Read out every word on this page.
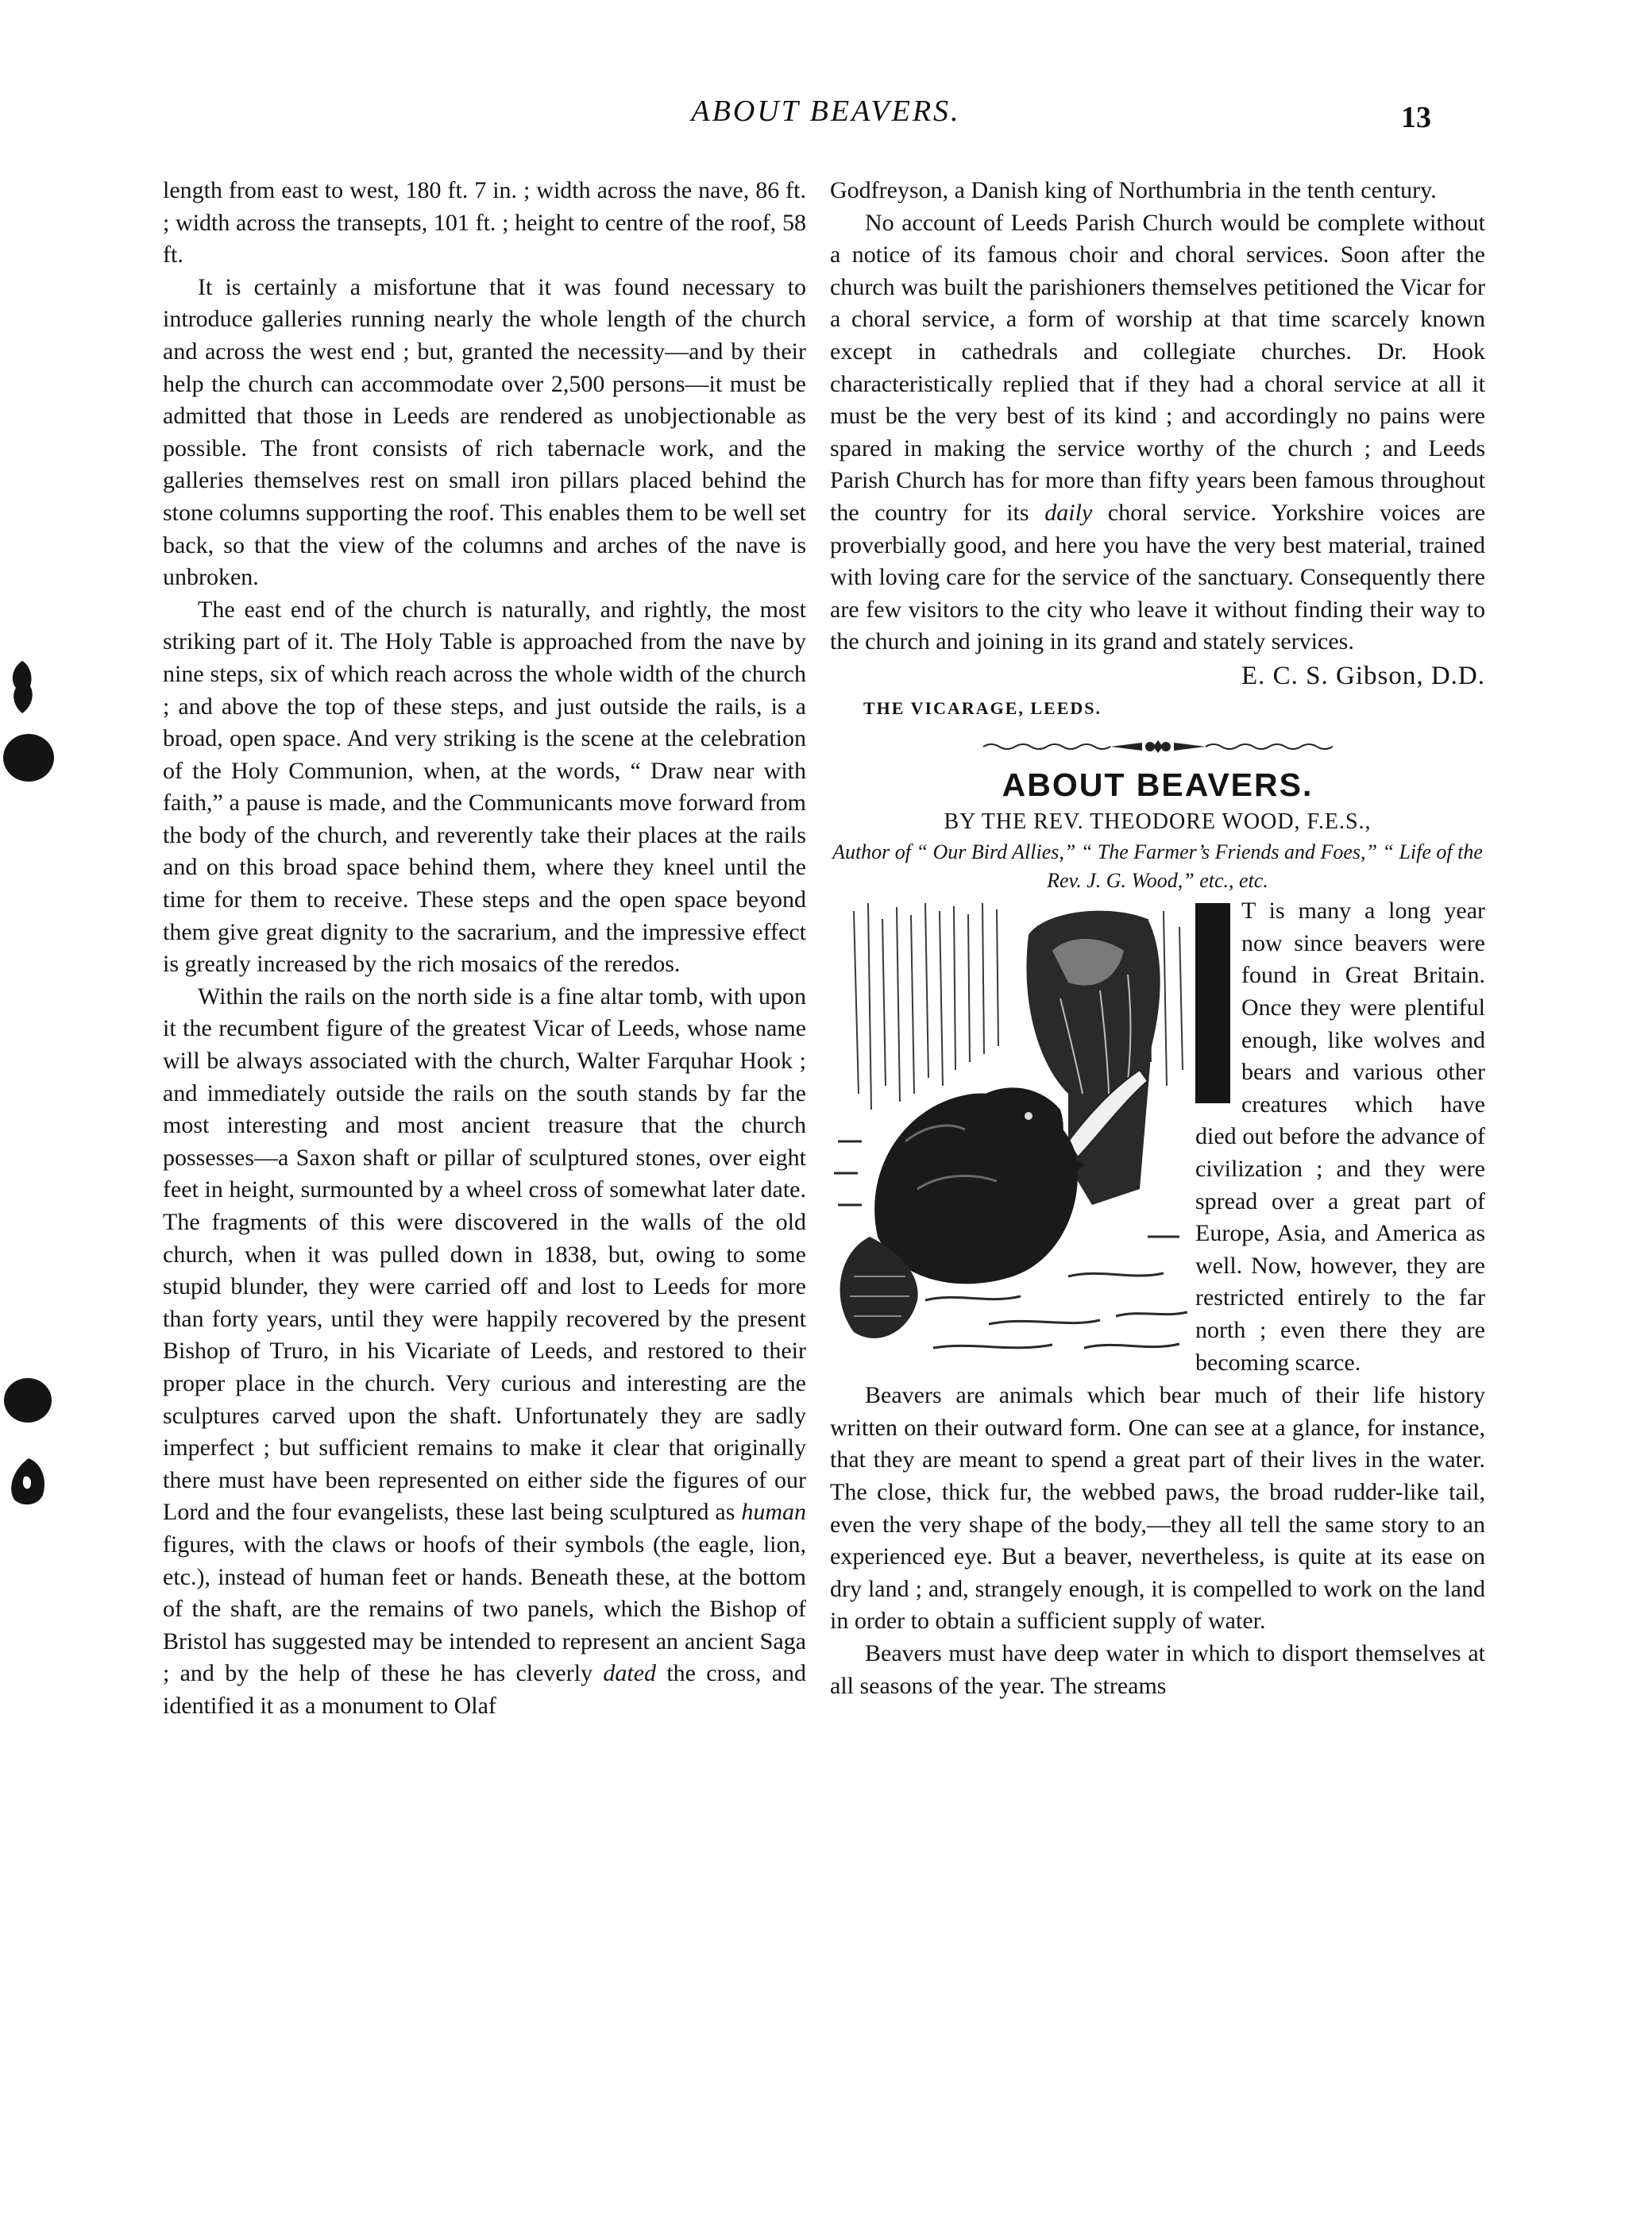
ABOUT BEAVERS.	13

length from east to west, 180 ft. 7 in. ; width across the nave, 86 ft. ; width across the transepts, 101 ft. ; height to centre of the roof, 58 ft.

It is certainly a misfortune that it was found necessary to introduce galleries running nearly the whole length of the church and across the west end ; but, granted the necessity—and by their help the church can accommodate over 2,500 persons—it must be admitted that those in Leeds are rendered as unobjectionable as possible. The front consists of rich tabernacle work, and the galleries themselves rest on small iron pillars placed behind the stone columns supporting the roof. This enables them to be well set back, so that the view of the columns and arches of the nave is unbroken.

The east end of the church is naturally, and rightly, the most striking part of it. The Holy Table is approached from the nave by nine steps, six of which reach across the whole width of the church ; and above the top of these steps, and just outside the rails, is a broad, open space. And very striking is the scene at the celebration of the Holy Communion, when, at the words, “ Draw near with faith,” a pause is made, and the Communicants move forward from the body of the church, and reverently take their places at the rails and on this broad space behind them, where they kneel until the time for them to receive. These steps and the open space beyond them give great dignity to the sacrarium, and the impressive effect is greatly increased by the rich mosaics of the reredos.

Within the rails on the north side is a fine altar tomb, with upon it the recumbent figure of the greatest Vicar of Leeds, whose name will be always associated with the church, Walter Farquhar Hook ; and immediately outside the rails on the south stands by far the most interesting and most ancient treasure that the church possesses—a Saxon shaft or pillar of sculptured stones, over eight feet in height, surmounted by a wheel cross of somewhat later date. The fragments of this were discovered in the walls of the old church, when it was pulled down in 1838, but, owing to some stupid blunder, they were carried off and lost to Leeds for more than forty years, until they were happily recovered by the present Bishop of Truro, in his Vicariate of Leeds, and restored to their proper place in the church. Very curious and interesting are the sculptures carved upon the shaft. Unfortunately they are sadly imperfect ; but sufficient remains to make it clear that originally there must have been represented on either side the figures of our Lord and the four evangelists, these last being sculptured as human figures, with the claws or hoofs of their symbols (the eagle, lion, etc.), instead of human feet or hands. Beneath these, at the bottom of the shaft, are the remains of two panels, which the Bishop of Bristol has suggested may be intended to represent an ancient Saga ; and by the help of these he has cleverly dated the cross, and identified it as a monument to Olaf

Godfreyson, a Danish king of Northumbria in the tenth century.

No account of Leeds Parish Church would be complete without a notice of its famous choir and choral services. Soon after the church was built the parishioners themselves petitioned the Vicar for a choral service, a form of worship at that time scarcely known except in cathedrals and collegiate churches. Dr. Hook characteristically replied that if they had a choral service at all it must be the very best of its kind ; and accordingly no pains were spared in making the service worthy of the church ; and Leeds Parish Church has for more than fifty years been famous throughout the country for its daily choral service. Yorkshire voices are proverbially good, and here you have the very best material, trained with loving care for the service of the sanctuary. Consequently there are few visitors to the city who leave it without finding their way to the church and joining in its grand and stately services.

E. C. S. Gibson, D.D.
THE VICARAGE, LEEDS.
ABOUT BEAVERS.

BY THE REV. THEODORE WOOD, F.E.S.,

Author of “ Our Bird Allies,” “ The Farmer’s Friends and Foes,” “ Life of the Rev. J. G. Wood,” etc., etc.

T is many a long year now since beavers were found in Great Britain. Once they were plentiful enough, like wolves and bears and various other creatures which have died out before the advance of civilization ; and they were spread over a great part of Europe, Asia, and America as well. Now, however, they are restricted entirely to the far north ; even there they are becoming scarce.

Beavers are animals which bear much of their life history written on their outward form. One can see at a glance, for instance, that they are meant to spend a great part of their lives in the water. The close, thick fur, the webbed paws, the broad rudder-like tail, even the very shape of the body,—they all tell the same story to an experienced eye. But a beaver, nevertheless, is quite at its ease on dry land ; and, strangely enough, it is compelled to work on the land in order to obtain a sufficient supply of water.

Beavers must have deep water in which to disport themselves at all seasons of the year. The streams
